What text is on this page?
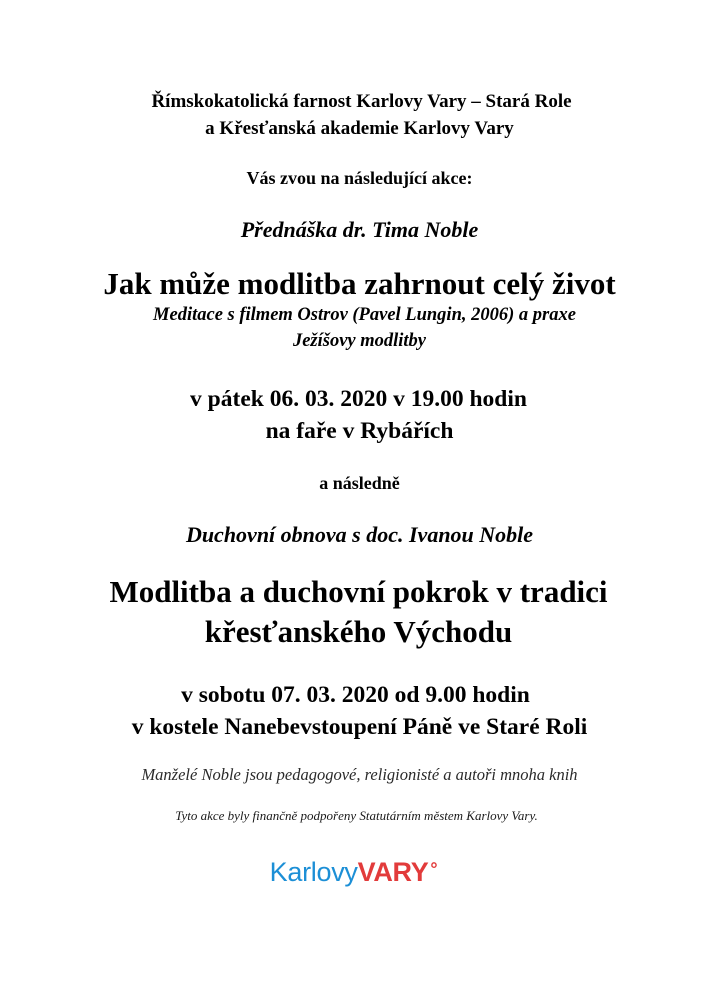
Římskokatolická farnost Karlovy Vary – Stará Role
a Křesťanská akademie Karlovy Vary
Vás zvou na následující akce:
Přednáška dr. Tima Noble
Jak může modlitba zahrnout celý život
Meditace s filmem Ostrov (Pavel Lungin, 2006) a praxe
Ježíšovy modlitby
v pátek 06. 03. 2020 v 19.00 hodin
na faře v Rybářích
a následně
Duchovní obnova s doc. Ivanou Noble
Modlitba a duchovní pokrok v tradici
křesťanského Východu
v sobotu 07. 03. 2020 od 9.00 hodin
v kostele Nanebevstoupení Páně ve Staré Roli
Manželé Noble jsou pedagogové, religionisté a autoři mnoha knih
Tyto akce byly finančně podpořeny Statutárním městem Karlovy Vary.
KarlovyVARY °
